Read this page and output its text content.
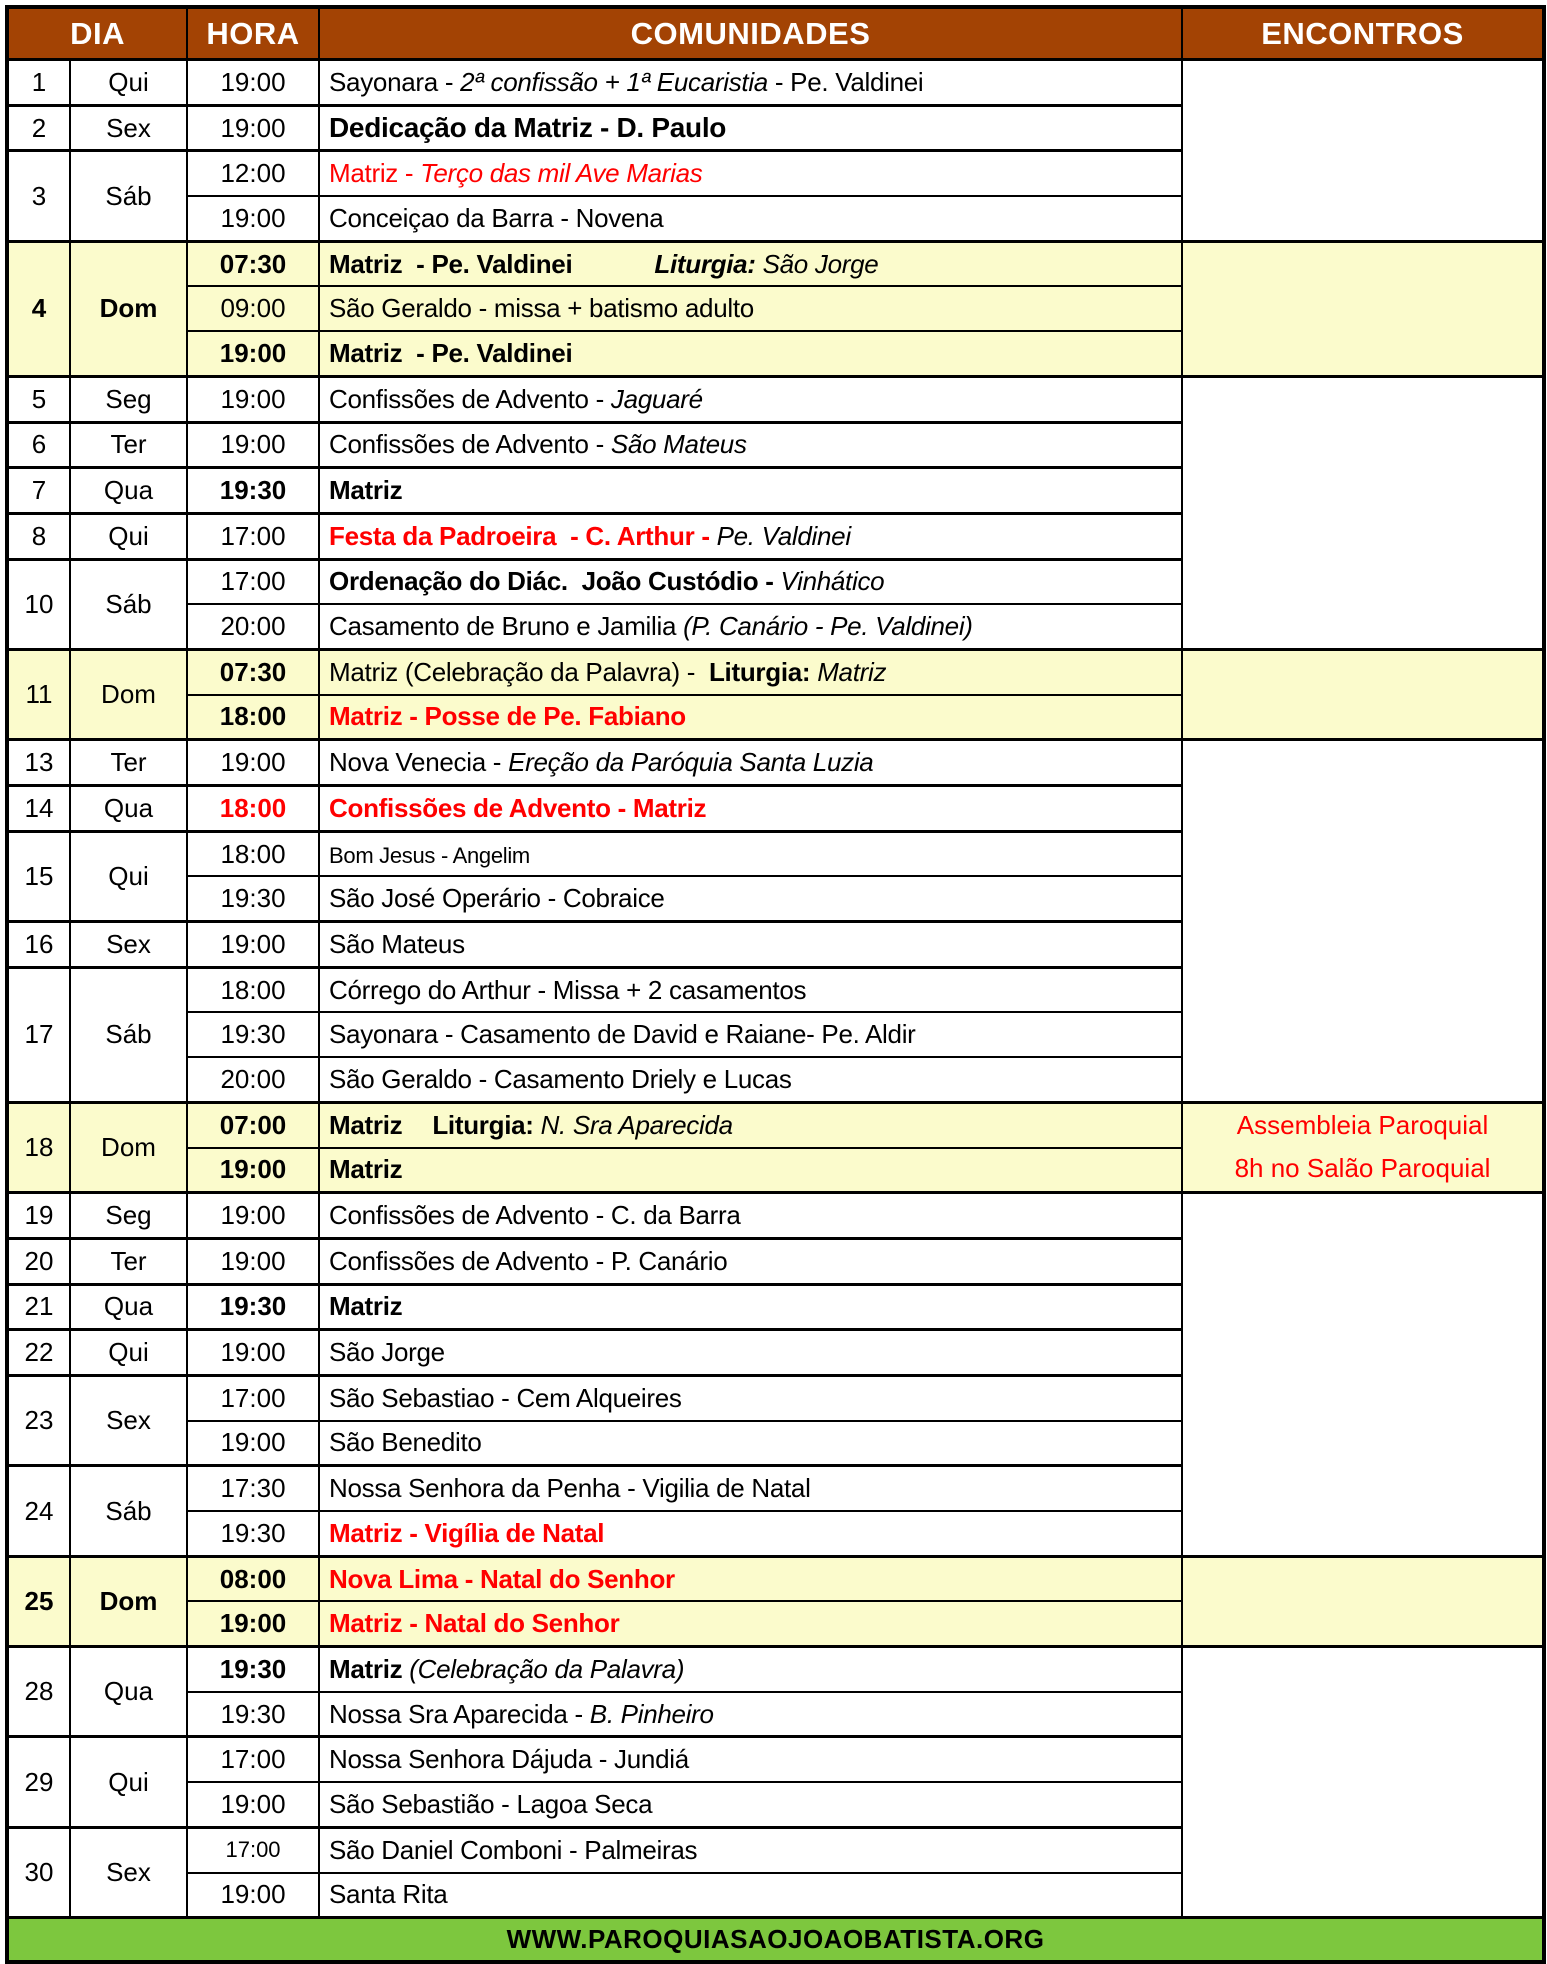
DIA		HORA	COMUNIDADES	ENCONTROS
1	Qui	19:00	Sayonara - 2ª confissão + 1ª Eucaristia - Pe. Valdinei	
2	Sex	19:00	Dedicação da Matriz - D. Paulo	
3	Sáb	12:00	Matriz - Terço das mil Ave Marias	
		19:00	Conceiçao da Barra - Novena	
4	Dom	07:30	Matriz  - Pe. Valdinei Liturgia: São Jorge	
		09:00	São Geraldo - missa + batismo adulto	
		19:00	Matriz  - Pe. Valdinei	
5	Seg	19:00	Confissões de Advento - Jaguaré	
6	Ter	19:00	Confissões de Advento - São Mateus	
7	Qua	19:30	Matriz	
8	Qui	17:00	Festa da Padroeira  - C. Arthur - Pe. Valdinei	
10	Sáb	17:00	Ordenação do Diác.  João Custódio - Vinhático	
		20:00	Casamento de Bruno e Jamilia (P. Canário - Pe. Valdinei)	
11	Dom	07:30	Matriz (Celebração da Palavra) -  Liturgia: Matriz	
		18:00	Matriz - Posse de Pe. Fabiano	
13	Ter	19:00	Nova Venecia - Ereção da Paróquia Santa Luzia	
14	Qua	18:00	Confissões de Advento - Matriz	
15	Qui	18:00	Bom Jesus - Angelim	
		19:30	São José Operário - Cobraice	
16	Sex	19:00	São Mateus	
17	Sáb	18:00	Córrego do Arthur - Missa + 2 casamentos	
		19:30	Sayonara - Casamento de David e Raiane- Pe. Aldir	
		20:00	São Geraldo - Casamento Driely e Lucas	
18	Dom	07:00	Matriz Liturgia: N. Sra Aparecida	Assembleia Paroquial
8h no Salão Paroquial

		19:00	Matriz	
19	Seg	19:00	Confissões de Advento - C. da Barra	
20	Ter	19:00	Confissões de Advento - P. Canário	
21	Qua	19:30	Matriz	
22	Qui	19:00	São Jorge	
23	Sex	17:00	São Sebastiao - Cem Alqueires	
		19:00	São Benedito	
24	Sáb	17:30	Nossa Senhora da Penha - Vigilia de Natal	
		19:30	Matriz - Vigília de Natal	
25	Dom	08:00	Nova Lima - Natal do Senhor	
		19:00	Matriz - Natal do Senhor	
28	Qua	19:30	Matriz (Celebração da Palavra)	
		19:30	Nossa Sra Aparecida - B. Pinheiro	
29	Qui	17:00	Nossa Senhora Dájuda - Jundiá	
		19:00	São Sebastião - Lagoa Seca	
30	Sex	17:00	São Daniel Comboni - Palmeiras	
		19:00	Santa Rita	
WWW.PAROQUIASAOJOAOBATISTA.ORG				
